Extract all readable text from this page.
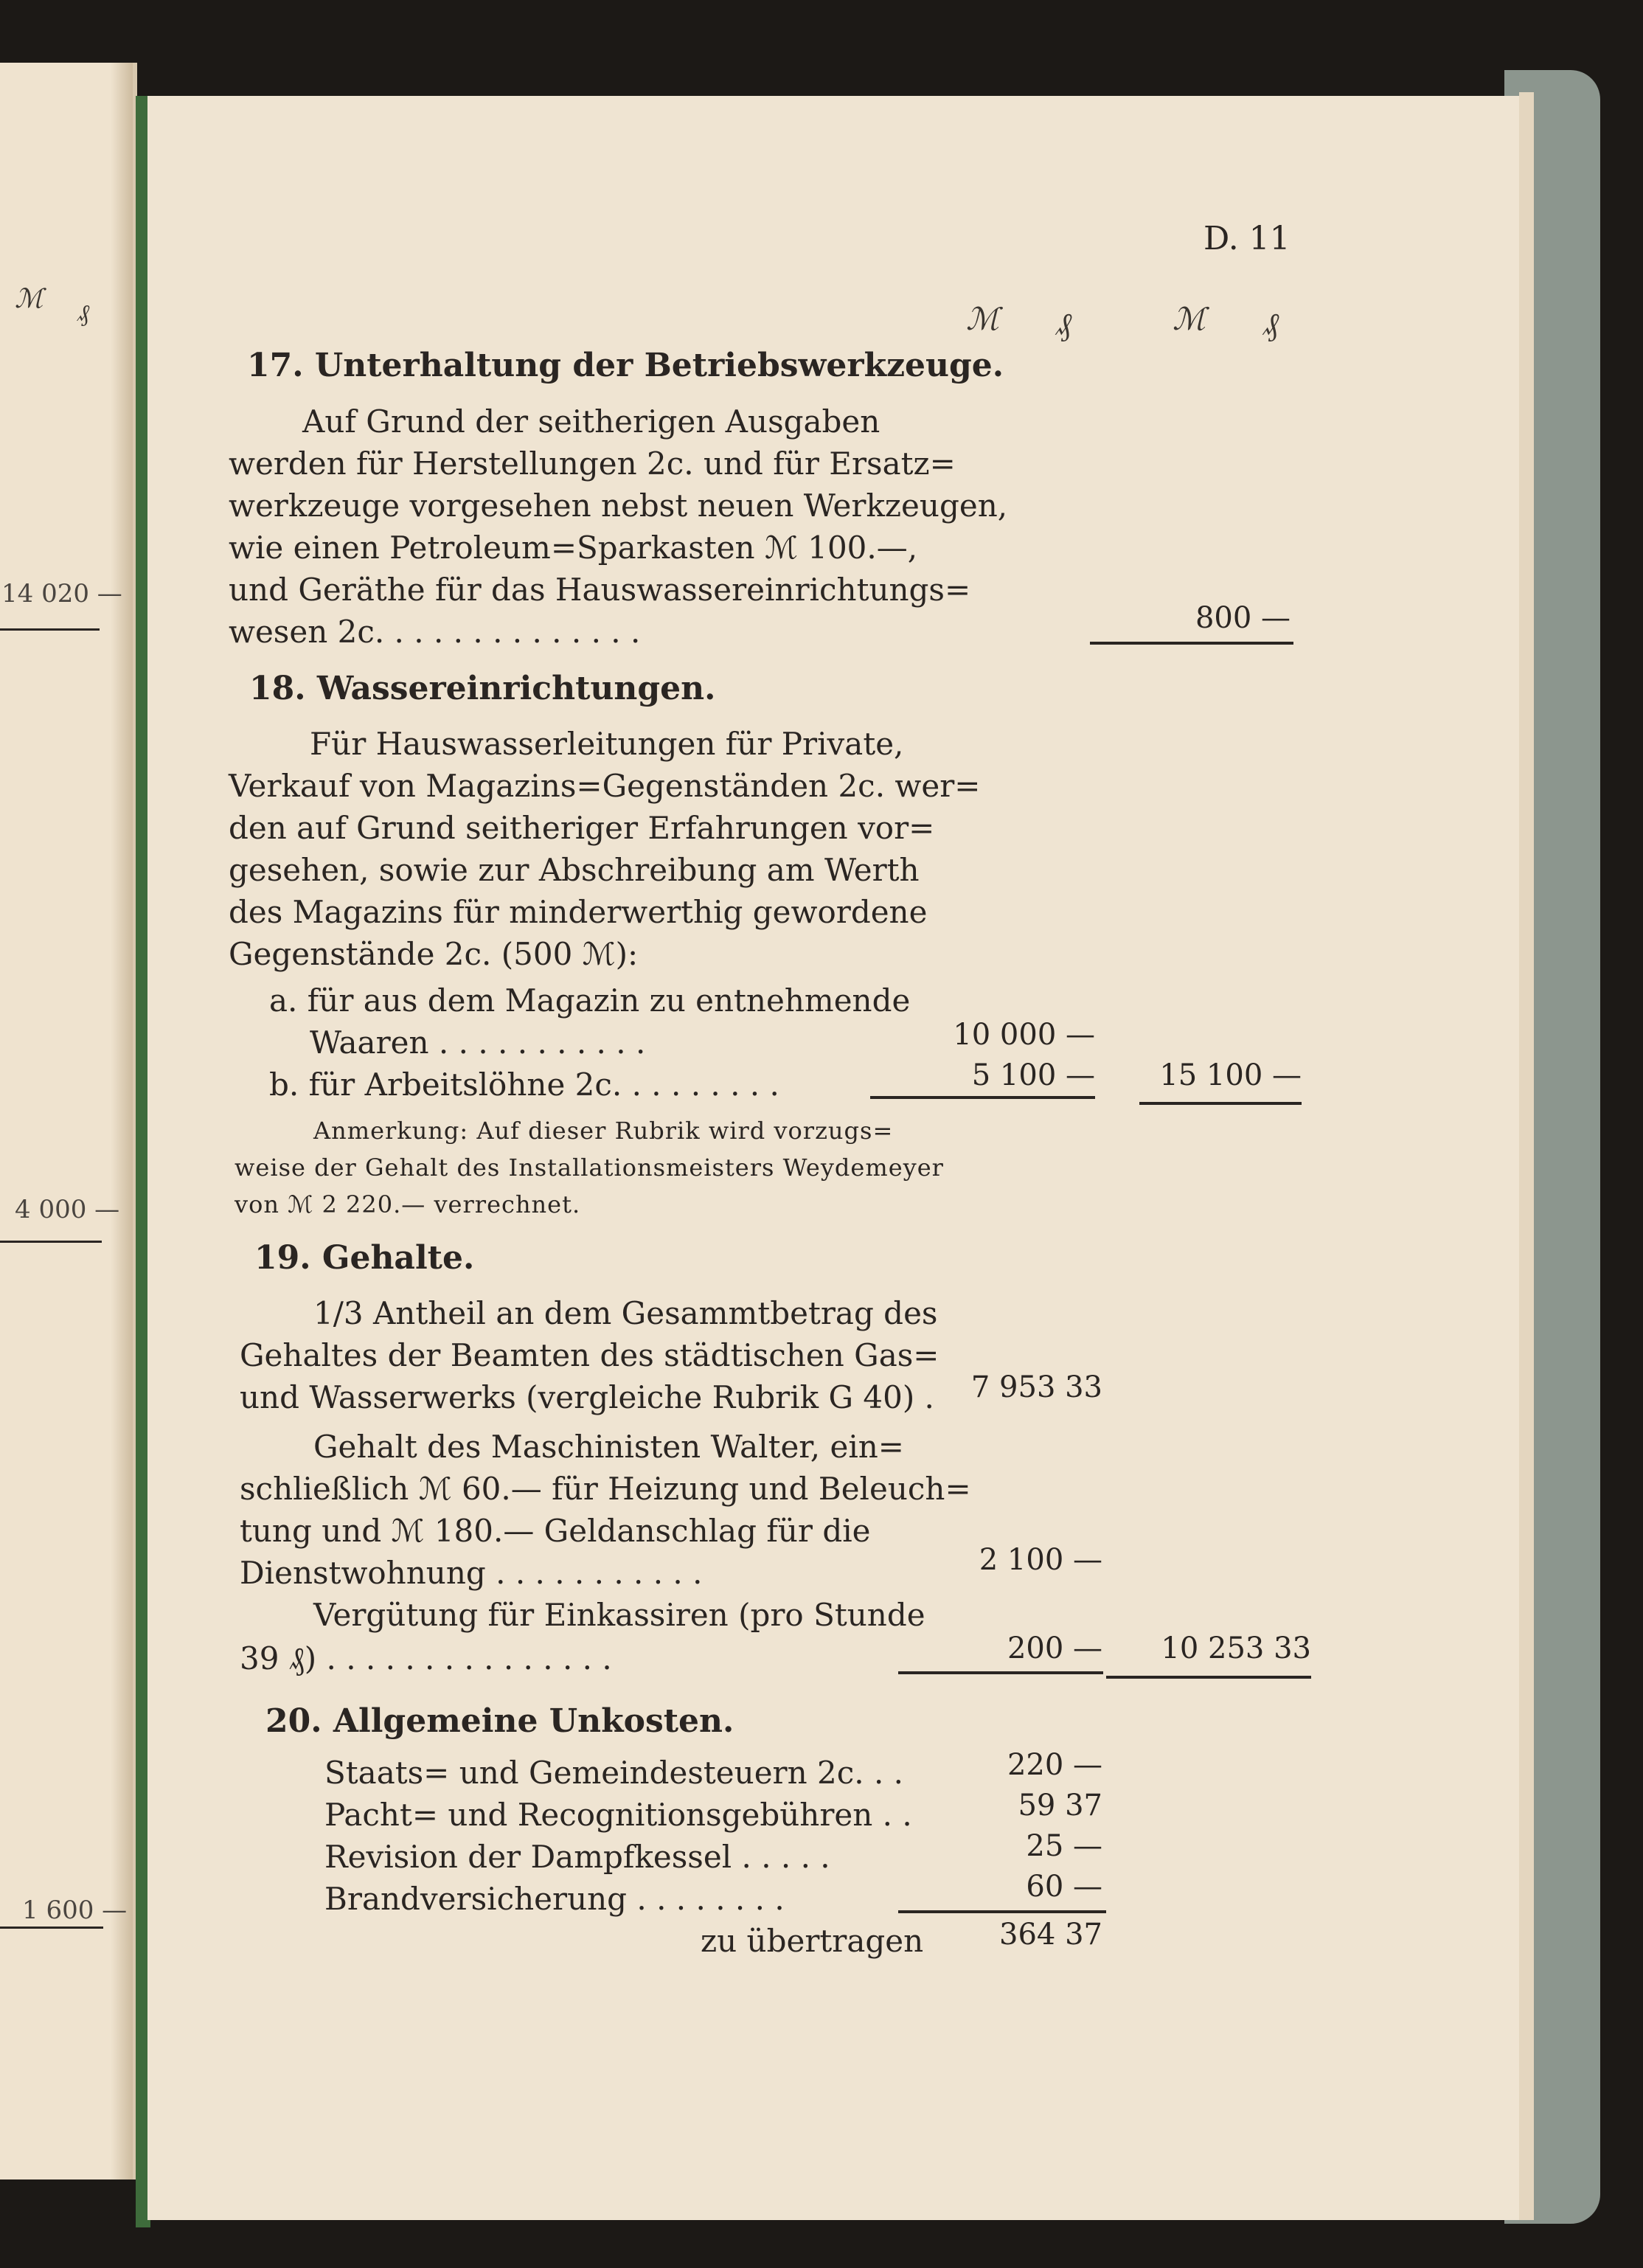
ℳ ₰
14 020 —
4 000 —
1 600 —
D. 11
ℳ ₰	ℳ ₰
17. Unterhaltung der Betriebswerkzeuge.
Auf Grund der seitherigen Ausgaben
werden für Herstellungen 2c. und für Ersatz=
werkzeuge vorgesehen nebst neuen Werkzeugen,
wie einen Petroleum=Sparkasten ℳ 100.—,
und Geräthe für das Hauswassereinrichtungs=
wesen 2c. . . . . . . . . . . . . .	800 —
18. Wassereinrichtungen.
Für Hauswasserleitungen für Private,
Verkauf von Magazins=Gegenständen 2c. wer=
den auf Grund seitheriger Erfahrungen vor=
gesehen, sowie zur Abschreibung am Werth
des Magazins für minderwerthig gewordene
Gegenstände 2c. (500 ℳ):
a. für aus dem Magazin zu entnehmende
Waaren . . . . . . . . . . .	10 000 —
b. für Arbeitslöhne 2c. . . . . . . . .	5 100 —	15 100 —
Anmerkung: Auf dieser Rubrik wird vorzugs=
weise der Gehalt des Installationsmeisters Weydemeyer
von ℳ 2 220.— verrechnet.
19. Gehalte.
1/3 Antheil an dem Gesammtbetrag des
Gehaltes der Beamten des städtischen Gas=
und Wasserwerks (vergleiche Rubrik G 40) .	7 953 33
Gehalt des Maschinisten Walter, ein=
schließlich ℳ 60.— für Heizung und Beleuch=
tung und ℳ 180.— Geldanschlag für die
Dienstwohnung . . . . . . . . . . .	2 100 —
Vergütung für Einkassiren (pro Stunde
39 ₰) . . . . . . . . . . . . . . .	200 —	10 253 33
20. Allgemeine Unkosten.
Staats= und Gemeindesteuern 2c. . .	220 —
Pacht= und Recognitionsgebühren . .	59 37
Revision der Dampfkessel . . . . .	25 —
Brandversicherung . . . . . . . .	60 —
zu übertragen	364 37
